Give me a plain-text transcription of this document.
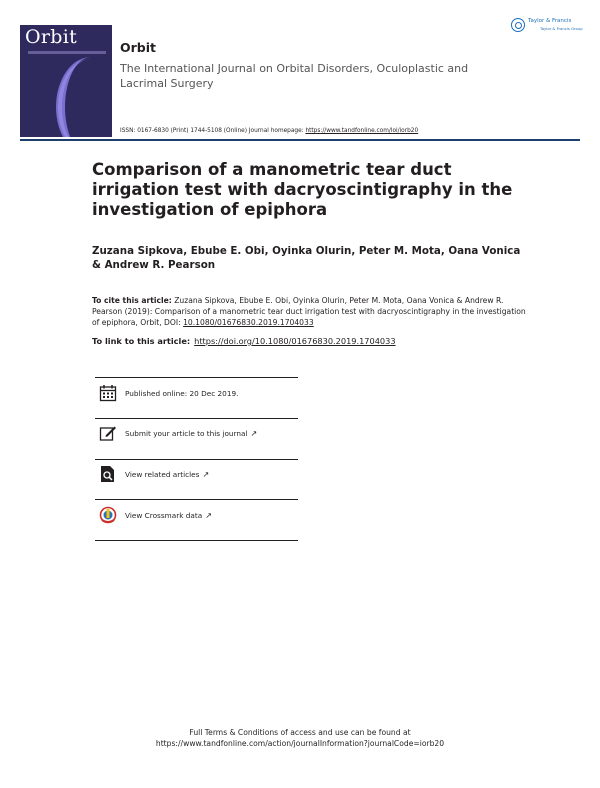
Orbit	Orbit
The International Journal on Orbital Disorders, Oculoplastic and Lacrimal Surgery
ISSN: 0167-6830 (Print) 1744-5108 (Online) Journal homepage: https://www.tandfonline.com/loi/iorb20
Taylor & Francis
Taylor & Francis Group
Comparison of a manometric tear duct irrigation test with dacryoscintigraphy in the investigation of epiphora
Zuzana Sipkova, Ebube E. Obi, Oyinka Olurin, Peter M. Mota, Oana Vonica & Andrew R. Pearson
To cite this article: Zuzana Sipkova, Ebube E. Obi, Oyinka Olurin, Peter M. Mota, Oana Vonica & Andrew R. Pearson (2019): Comparison of a manometric tear duct irrigation test with dacryoscintigraphy in the investigation of epiphora, Orbit, DOI: 10.1080/01676830.2019.1704033
To link to this article: https://doi.org/10.1080/01676830.2019.1704033
Published online: 20 Dec 2019.
Submit your article to this journal ↗
View related articles ↗
View Crossmark data ↗
Full Terms & Conditions of access and use can be found at
https://www.tandfonline.com/action/journalInformation?journalCode=iorb20
